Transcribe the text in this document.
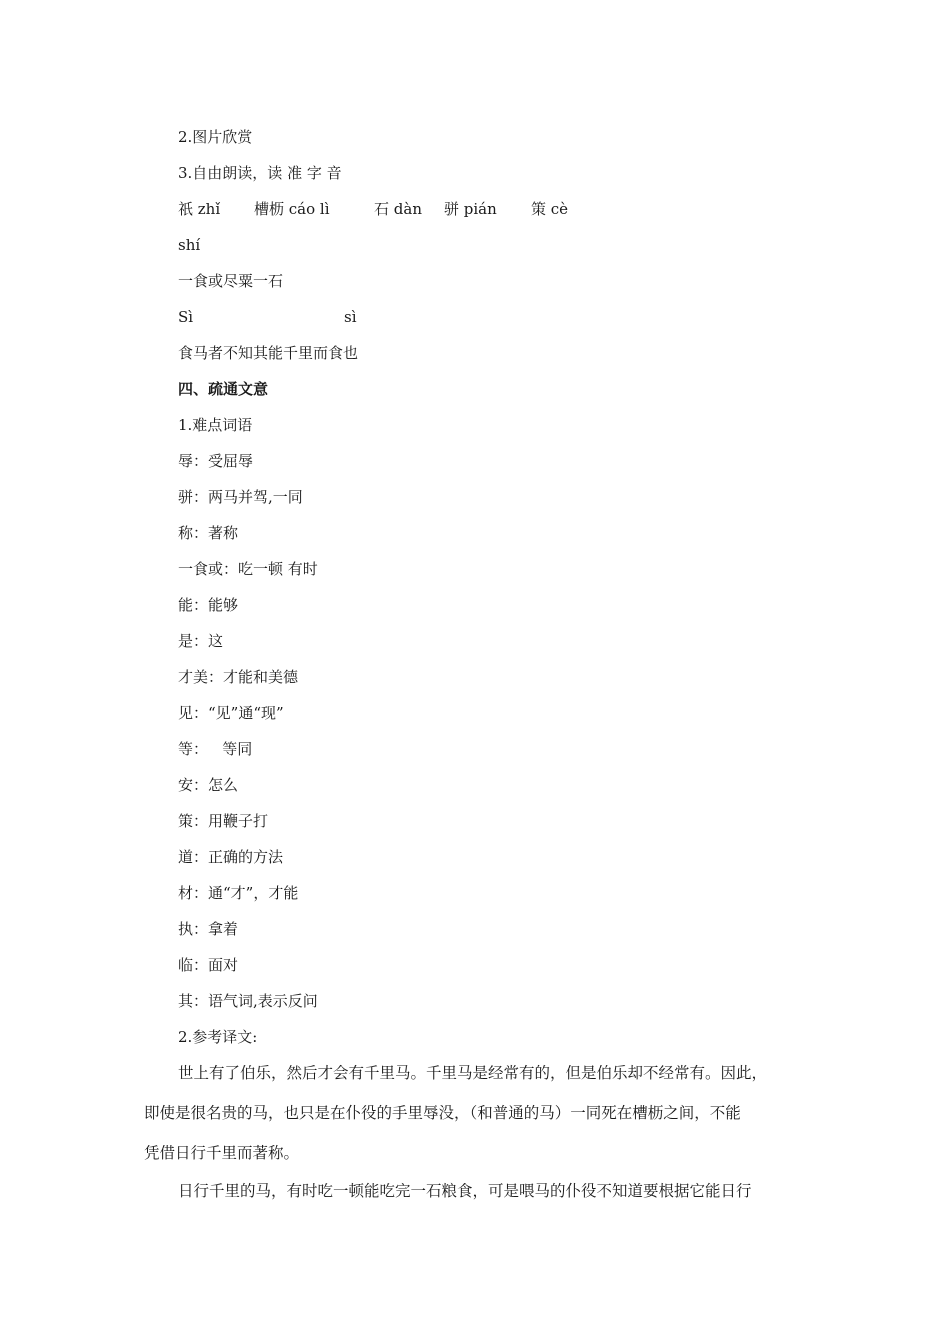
2.图片欣赏
3.自由朗读，读 准 字 音

祇 zhǐ

槽枥 cáo lì

	石 dàn

骈 pián

策 cè

shí
一食或尽粟一石
Sì	sì
食马者不知其能千里而食也
四、疏通文意
1.难点词语
辱：受屈辱
骈：两马并驾,一同
称：著称
一食或：吃一顿 有时
能：能够
是：这
才美：才能和美德
见：“见”通“现”
等：   等同
安：怎么
策：用鞭子打
道：正确的方法
材：通“才”，才能
执：拿着
临：面对
其：语气词,表示反问
2.参考译文:
世上有了伯乐，然后才会有千里马。千里马是经常有的，但是伯乐却不经常有。因此，
即使是很名贵的马，也只是在仆役的手里辱没，（和普通的马）一同死在槽枥之间，不能
凭借日行千里而著称。
日行千里的马，有时吃一顿能吃完一石粮食，可是喂马的仆役不知道要根据它能日行
